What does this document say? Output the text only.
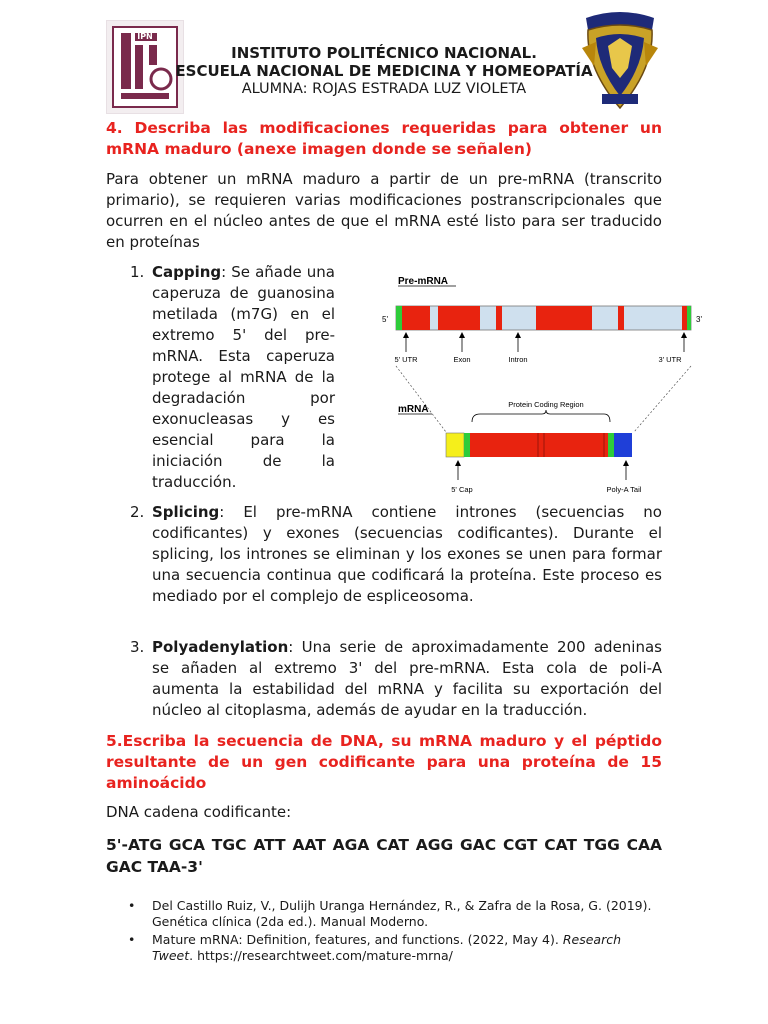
IPN
INSTITUTO POLITÉCNICO NACIONAL.
ESCUELA NACIONAL DE MEDICINA Y HOMEOPATÍA
ALUMNA: ROJAS ESTRADA LUZ VIOLETA

4. Describa las modificaciones requeridas para obtener un mRNA maduro (anexe imagen donde se señalen)

Para obtener un mRNA maduro a partir de un pre-mRNA (transcrito primario), se requieren varias modificaciones postranscripcionales que ocurren en el núcleo antes de que el mRNA esté listo para ser traducido en proteínas

1. Capping: Se añade una caperuza de guanosina metilada (m7G) en el extremo 5' del pre-mRNA. Esta caperuza protege al mRNA de la degradación por exonucleasas y es esencial para la iniciación de la traducción.

Pre-mRNA
5'	3'
5' UTR	Exon	Intron	3' UTR
mRNA	Protein Coding Region
5' Cap	Poly-A Tail
2. Splicing: El pre-mRNA contiene intrones (secuencias no codificantes) y exones (secuencias codificantes). Durante el splicing, los intrones se eliminan y los exones se unen para formar una secuencia continua que codificará la proteína. Este proceso es mediado por el complejo de espliceosoma.

3. Polyadenylation: Una serie de aproximadamente 200 adeninas se añaden al extremo 3' del pre-mRNA. Esta cola de poli-A aumenta la estabilidad del mRNA y facilita su exportación del núcleo al citoplasma, además de ayudar en la traducción.

5.Escriba la secuencia de DNA, su mRNA maduro y el péptido resultante de un gen codificante para una proteína de 15 aminoácido

DNA cadena codificante:

5'-ATG GCA TGC ATT AAT AGA CAT AGG GAC CGT CAT TGG CAA GAC TAA-3'

• Del Castillo Ruiz, V., Dulijh Uranga Hernández, R., & Zafra de la Rosa, G. (2019). Genética clínica (2da ed.). Manual Moderno.
• Mature mRNA: Definition, features, and functions. (2022, May 4). Research Tweet. https://researchtweet.com/mature-mrna/
